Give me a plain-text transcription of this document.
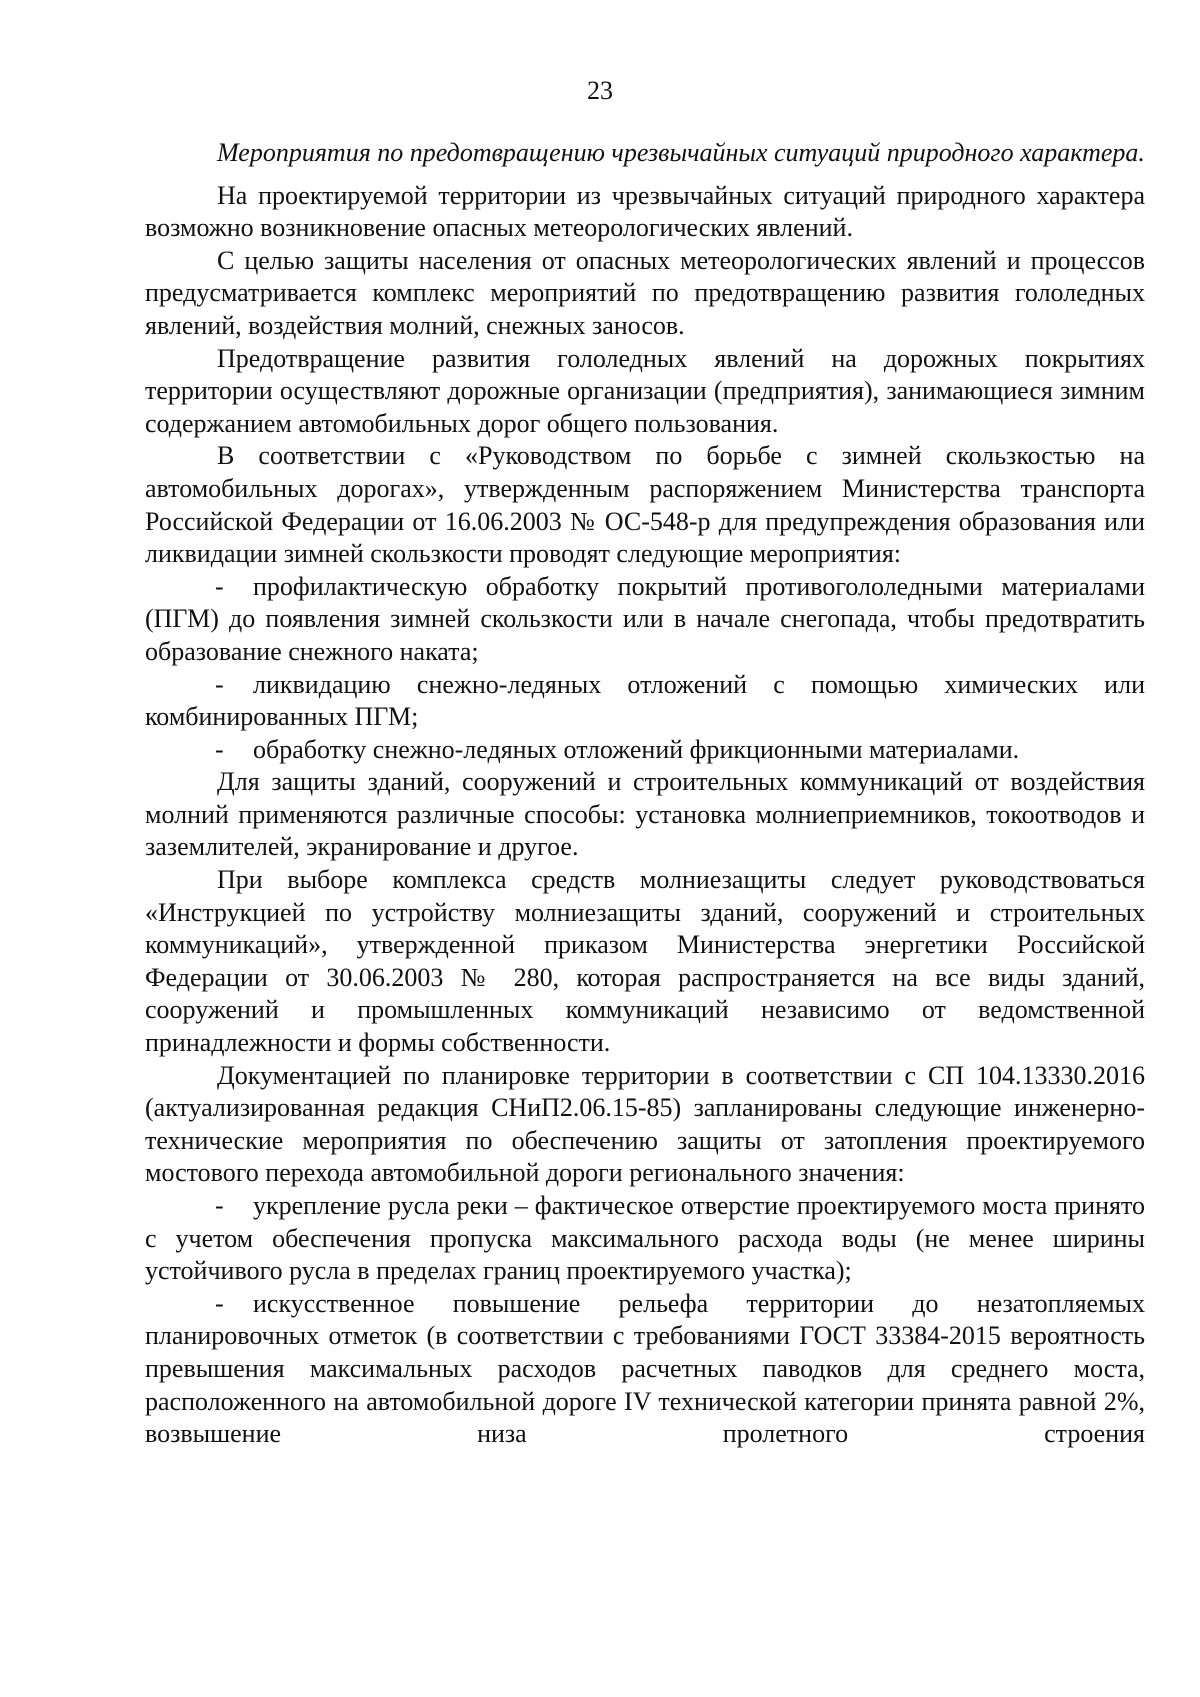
23

Мероприятия по предотвращению чрезвычайных ситуаций природного характера.

На проектируемой территории из чрезвычайных ситуаций природного характера возможно возникновение опасных метеорологических явлений.

С целью защиты населения от опасных метеорологических явлений и процессов предусматривается комплекс мероприятий по предотвращению развития гололедных явлений, воздействия молний, снежных заносов.

Предотвращение развития гололедных явлений на дорожных покрытиях территории осуществляют дорожные организации (предприятия), занимающиеся зимним содержанием автомобильных дорог общего пользования.

В соответствии с «Руководством по борьбе с зимней скользкостью на автомобильных дорогах», утвержденным распоряжением Министерства транспорта Российской Федерации от 16.06.2003 № ОС-548-р для предупреждения образования или ликвидации зимней скользкости проводят следующие мероприятия:

- профилактическую обработку покрытий противогололедными материалами (ПГМ) до появления зимней скользкости или в начале снегопада, чтобы предотвратить образование снежного наката;

- ликвидацию снежно-ледяных отложений с помощью химических или комбинированных ПГМ;

- обработку снежно-ледяных отложений фрикционными материалами.

Для защиты зданий, сооружений и строительных коммуникаций от воздействия молний применяются различные способы: установка молниеприемников, токоотводов и заземлителей, экранирование и другое.

При выборе комплекса средств молниезащиты следует руководствоваться «Инструкцией по устройству молниезащиты зданий, сооружений и строительных коммуникаций», утвержденной приказом Министерства энергетики Российской Федерации от 30.06.2003 № 280, которая распространяется на все виды зданий, сооружений и промышленных коммуникаций независимо от ведомственной принадлежности и формы собственности.

Документацией по планировке территории в соответствии с СП 104.13330.2016 (актуализированная редакция СНиП2.06.15-85) запланированы следующие инженерно-технические мероприятия по обеспечению защиты от затопления проектируемого мостового перехода автомобильной дороги регионального значения:

- укрепление русла реки – фактическое отверстие проектируемого моста принято с учетом обеспечения пропуска максимального расхода воды (не менее ширины устойчивого русла в пределах границ проектируемого участка);

- искусственное повышение рельефа территории до незатопляемых планировочных отметок (в соответствии с требованиями ГОСТ 33384-2015 вероятность превышения максимальных расходов расчетных паводков для среднего моста, расположенного на автомобильной дороге IV технической категории принята равной 2%, возвышение низа пролетного строения
